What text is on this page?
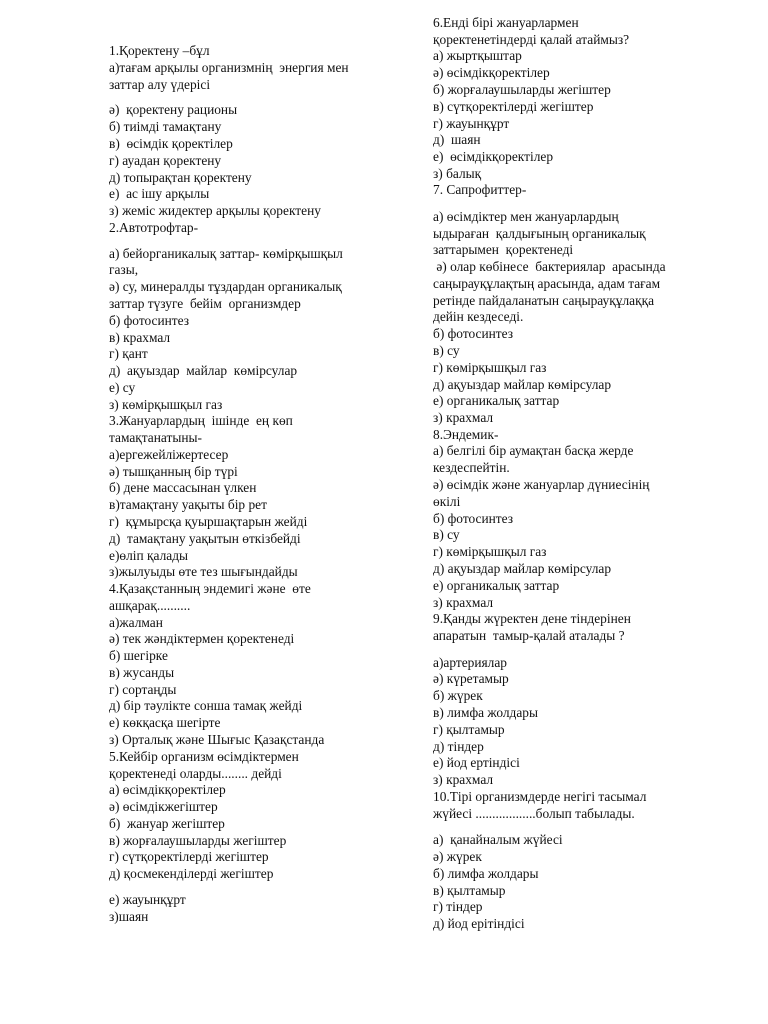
1.Қоректену –бұл
а)тағам арқылы организмнің  энергия мен
заттар алу үдерісі
ә)  қоректену рационы
б) тиімді тамақтану
в)  өсімдік қоректілер
г) ауадан қоректену
д) топырақтан қоректену
е)  ас ішу арқылы
з) жеміс жидектер арқылы қоректену
2.Автотрофтар-
а) бейорганикалық заттар- көмірқышқыл
газы,
ә) су, минералды тұздардан органикалық
заттар түзуге  бейім  организмдер
б) фотосинтез
в) крахмал
г) қант
д)  ақуыздар  майлар  көмірсулар
е) су
з) көмірқышқыл газ
3.Жануарлардың  ішінде  ең көп
тамақтанатыны-
а)ергежейліжертесер
ә) тышқанның бір түрі
б) дене массасынан үлкен
в)тамақтану уақыты бір рет
г)  құмырсқа қуыршақтарын жейді
д)  тамақтану уақытын өткізбейді
е)өліп қалады
з)жылуыды өте тез шығындайды
4.Қазақстанның эндемигі және  өте
ашқарақ..........
а)жалман
ә) тек жәндіктермен қоректенеді
б) шегірке
в) жусанды
г) сортаңды
д) бір тәулікте сонша тамақ жейді
е) көкқасқа шегірте
з) Орталық және Шығыс Қазақстанда
5.Кейбір организм өсімдіктермен
қоректенеді оларды........ дейді
а) өсімдікқоректілер
ә) өсімдікжегіштер
б)  жануар жегіштер
в) жорғалаушыларды жегіштер
г) сүтқоректілерді жегіштер
д) қосмекенділерді жегіштер
е) жауынқұрт
з)шаян
6.Енді бірі жануарлармен
қоректенетіндерді қалай атаймыз?
а) жыртқыштар
ә) өсімдікқоректілер
б) жорғалаушыларды жегіштер
в) сүтқоректілерді жегіштер
г) жауынқұрт
д)  шаян
е)  өсімдікқоректілер
з) балық
7. Сапрофиттер-
а) өсімдіктер мен жануарлардың
ыдыраған  қалдығының органикалық
заттарымен  қоректенеді
ә) олар көбінесе  бактериялар  арасында
саңырауқұлақтың арасында, адам тағам
ретінде пайдаланатын саңырауқұлаққа
дейін кездеседі.
б) фотосинтез
в) су
г) көмірқышқыл газ
д) ақуыздар майлар көмірсулар
е) органикалық заттар
з) крахмал
8.Эндемик-
а) белгілі бір аумақтан басқа жерде
кездеспейтін.
ә) өсімдік және жануарлар дүниесінің
өкілі
б) фотосинтез
в) су
г) көмірқышқыл газ
д) ақуыздар майлар көмірсулар
е) органикалық заттар
з) крахмал
9.Қанды жүректен дене тіндерінен
апаратын  тамыр-қалай аталады ?
а)артериялар
ә) күретамыр
б) жүрек
в) лимфа жолдары
г) қылтамыр
д) тіндер
е) йод ертіндісі
з) крахмал
10.Тірі организмдерде негігі тасымал
жүйесі ..................болып табылады.
а)  қанайналым жүйесі
ә) жүрек
б) лимфа жолдары
в) қылтамыр
г) тіндер
д) йод ерітіндісі
